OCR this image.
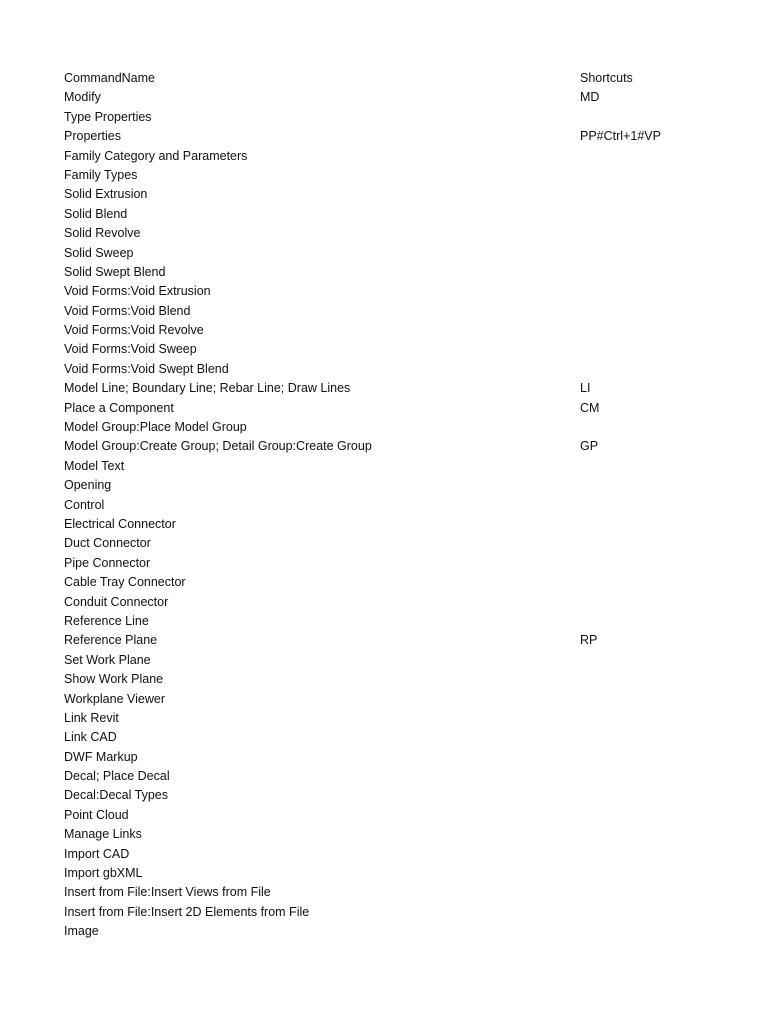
CommandName	Shortcuts
Modify	MD
Type Properties
Properties	PP#Ctrl+1#VP
Family Category and Parameters
Family Types
Solid Extrusion
Solid Blend
Solid Revolve
Solid Sweep
Solid Swept Blend
Void Forms:Void Extrusion
Void Forms:Void Blend
Void Forms:Void Revolve
Void Forms:Void Sweep
Void Forms:Void Swept Blend
Model Line; Boundary Line; Rebar Line; Draw Lines	LI
Place a Component	CM
Model Group:Place Model Group
Model Group:Create Group; Detail Group:Create Group	GP
Model Text
Opening
Control
Electrical Connector
Duct Connector
Pipe Connector
Cable Tray Connector
Conduit Connector
Reference Line
Reference Plane	RP
Set Work Plane
Show Work Plane
Workplane Viewer
Link Revit
Link CAD
DWF Markup
Decal; Place Decal
Decal:Decal Types
Point Cloud
Manage Links
Import CAD
Import gbXML
Insert from File:Insert Views from File
Insert from File:Insert 2D Elements from File
Image
